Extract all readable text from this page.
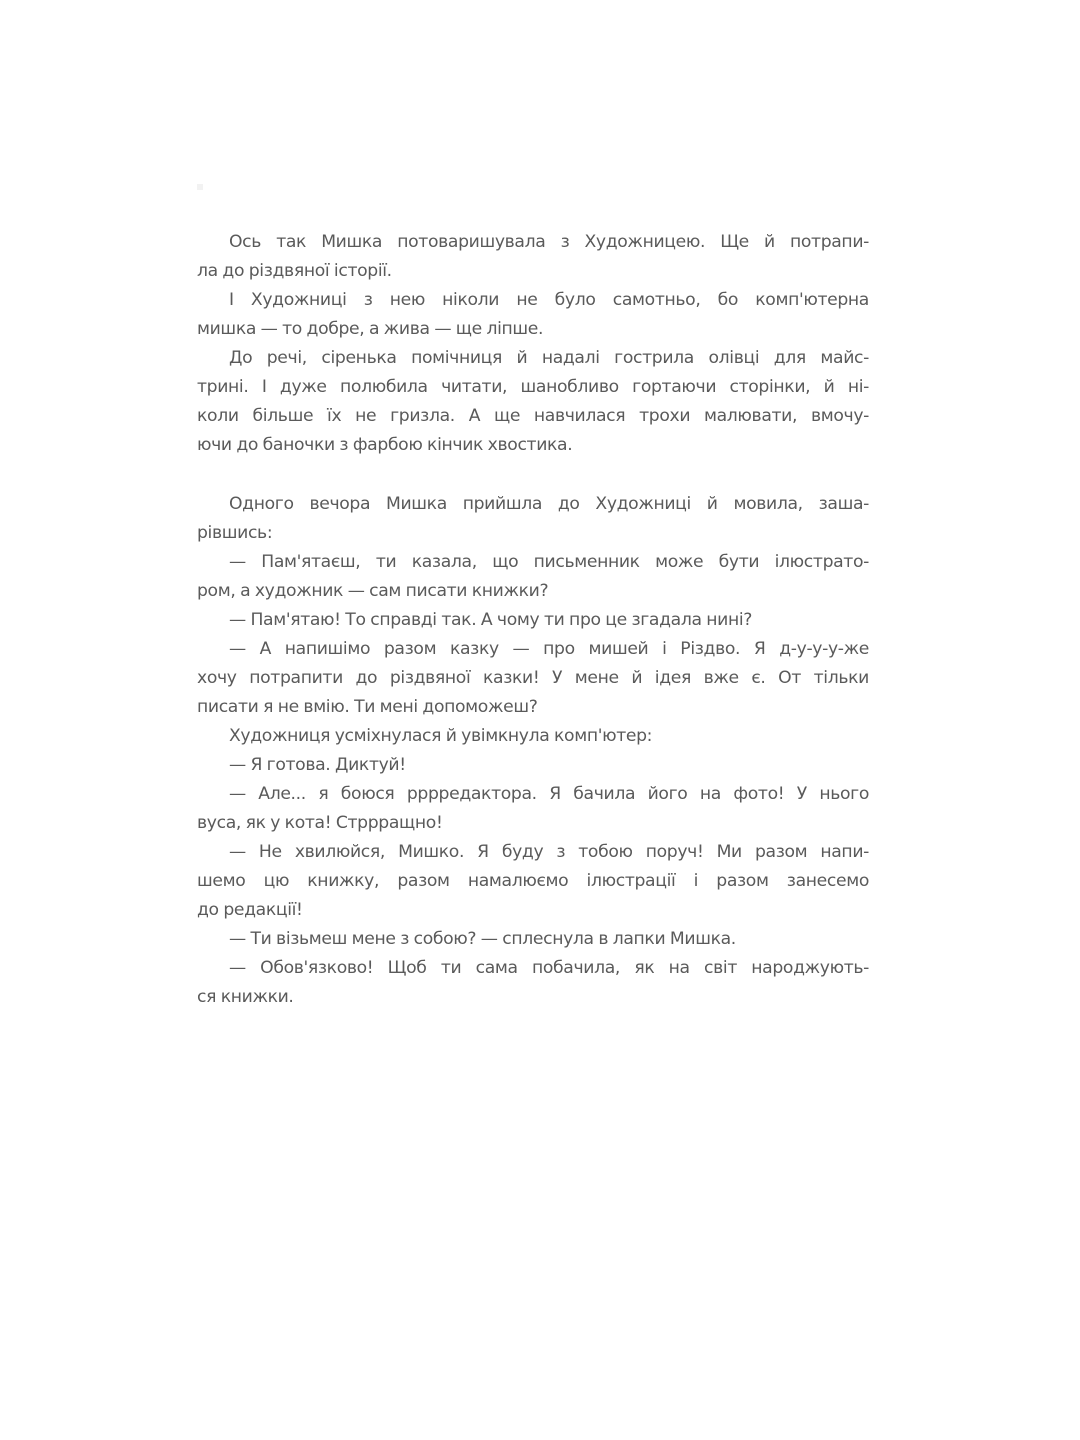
Ось так Мишка потоваришувала з Художницею. Ще й потрапи-
ла до різдвяної історії.
І Художниці з нею ніколи не було самотньо, бо комп'ютерна
мишка — то добре, а жива — ще ліпше.
До речі, сіренька помічниця й надалі гострила олівці для майс-
трині. І дуже полюбила читати, шанобливо гортаючи сторінки, й ні-
коли більше їх не гризла. А ще навчилася трохи малювати, вмочу-
ючи до баночки з фарбою кінчик хвостика.
Одного вечора Мишка прийшла до Художниці й мовила, зашa-
рівшись:
— Пам'ятаєш, ти казала, що письменник може бути ілюстрато-
ром, а художник — сам писати книжки?
— Пам'ятаю! То справді так. А чому ти про це згадала нині?
— А напишімо разом казку — про мишей і Різдво. Я д-у-у-у-же
хочу потрапити до різдвяної казки! У мене й ідея вже є. От тільки
писати я не вмію. Ти мені допоможеш?
Художниця усміхнулася й увімкнула комп'ютер:
— Я готова. Диктуй!
— Але... я боюся рррредактора. Я бачила його на фото! У нього
вуса, як у кота! Стррращно!
— Не хвилюйся, Мишко. Я буду з тобою поруч! Ми разом напи-
шемо цю книжку, разом намалюємо ілюстрації і разом занесемо
до редакції!
— Ти візьмеш мене з собою? — сплеснула в лапки Мишка.
— Обов'язково! Щоб ти сама побачила, як на світ народжують-
ся книжки.
